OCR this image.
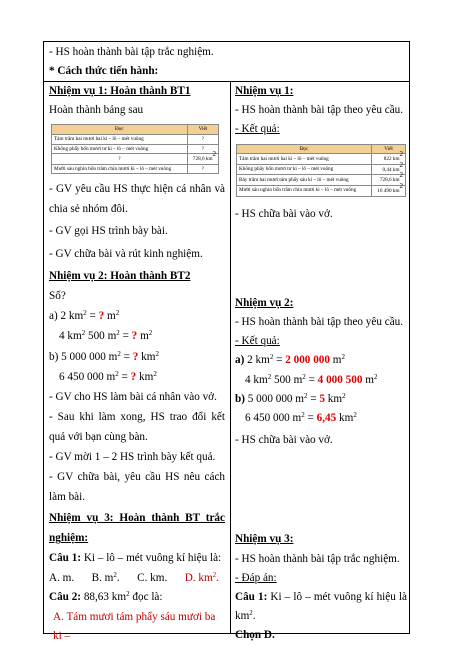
- HS hoàn thành bài tập trắc nghiệm.

* Cách thức tiến hành:

Nhiệm vụ 1: Hoàn thành BT1

Hoàn thành bảng sau

Đọc	Viết
Tám trăm hai mươi hai ki – lô – mét vuông	?
Không phẩy bốn mươi tư ki – lô – mét vuông	?
?	728,6 $km^2$
Mười sáu nghìn bốn trăm chín mươi ki – lô – mét vuông	?

- GV yêu cầu HS thực hiện cá nhân và chia sẻ nhóm đôi.

- GV gọi HS trình bày bài.

- GV chữa bài và rút kinh nghiệm.

Nhiệm vụ 2: Hoàn thành BT2

Số?

a) 2 $km^2$ = ? $m^2$

4 $km^2$ 500 $m^2$ = ? $m^2$

b) 5 000 000 $m^2$ = ? $km^2$

6 450 000 $m^2$ = ? $km^2$

- GV cho HS làm bài cá nhân vào vở.

- Sau khi làm xong, HS trao đổi kết quả với bạn cùng bàn.

- GV mời 1 – 2 HS trình bày kết quả.

- GV chữa bài, yêu cầu HS nêu cách làm bài.

Nhiệm vụ 3: Hoàn thành BT trắc nghiệm:

Câu 1: Ki – lô – mét vuông kí hiệu là:

A. m. B. $m^2$. C. km. D. $km^2$.

Câu 2: 88,63 $km^2$ đọc là:

A. Tám mươi tám phẩy sáu mươi ba ki –

Nhiệm vụ 1:

- HS hoàn thành bài tập theo yêu cầu.

- Kết quả:

Đọc	Viết
Tám trăm hai mươi hai ki – lô – mét vuông	822 $km^2$
Không phẩy bốn mươi tư ki – lô – mét vuông	0,44 $km^2$
Bảy trăm hai mươi tám phẩy sáu ki – lô – mét vuông	728,6 $km^2$
Mười sáu nghìn bốn trăm chín mươi ki – lô – mét vuông	16 490 $km^2$

- HS chữa bài vào vở.

Nhiệm vụ 2:

- HS hoàn thành bài tập theo yêu cầu.

- Kết quả:

a) 2 $km^2 = 2$ 000 000 $m^2$

4 $km^2$ 500 $m^2 = 4$ 000 500 $m^2$

b) 5 000 000 $m^2 = 5$ $km^2$

6 450 000 $m^2 = 6,45$ $km^2$

- HS chữa bài vào vở.

Nhiệm vụ 3:

- HS hoàn thành bài tập trắc nghiệm.

- Đáp án:

Câu 1: Ki – lô – mét vuông kí hiệu là $km^2$.

Chọn D.
